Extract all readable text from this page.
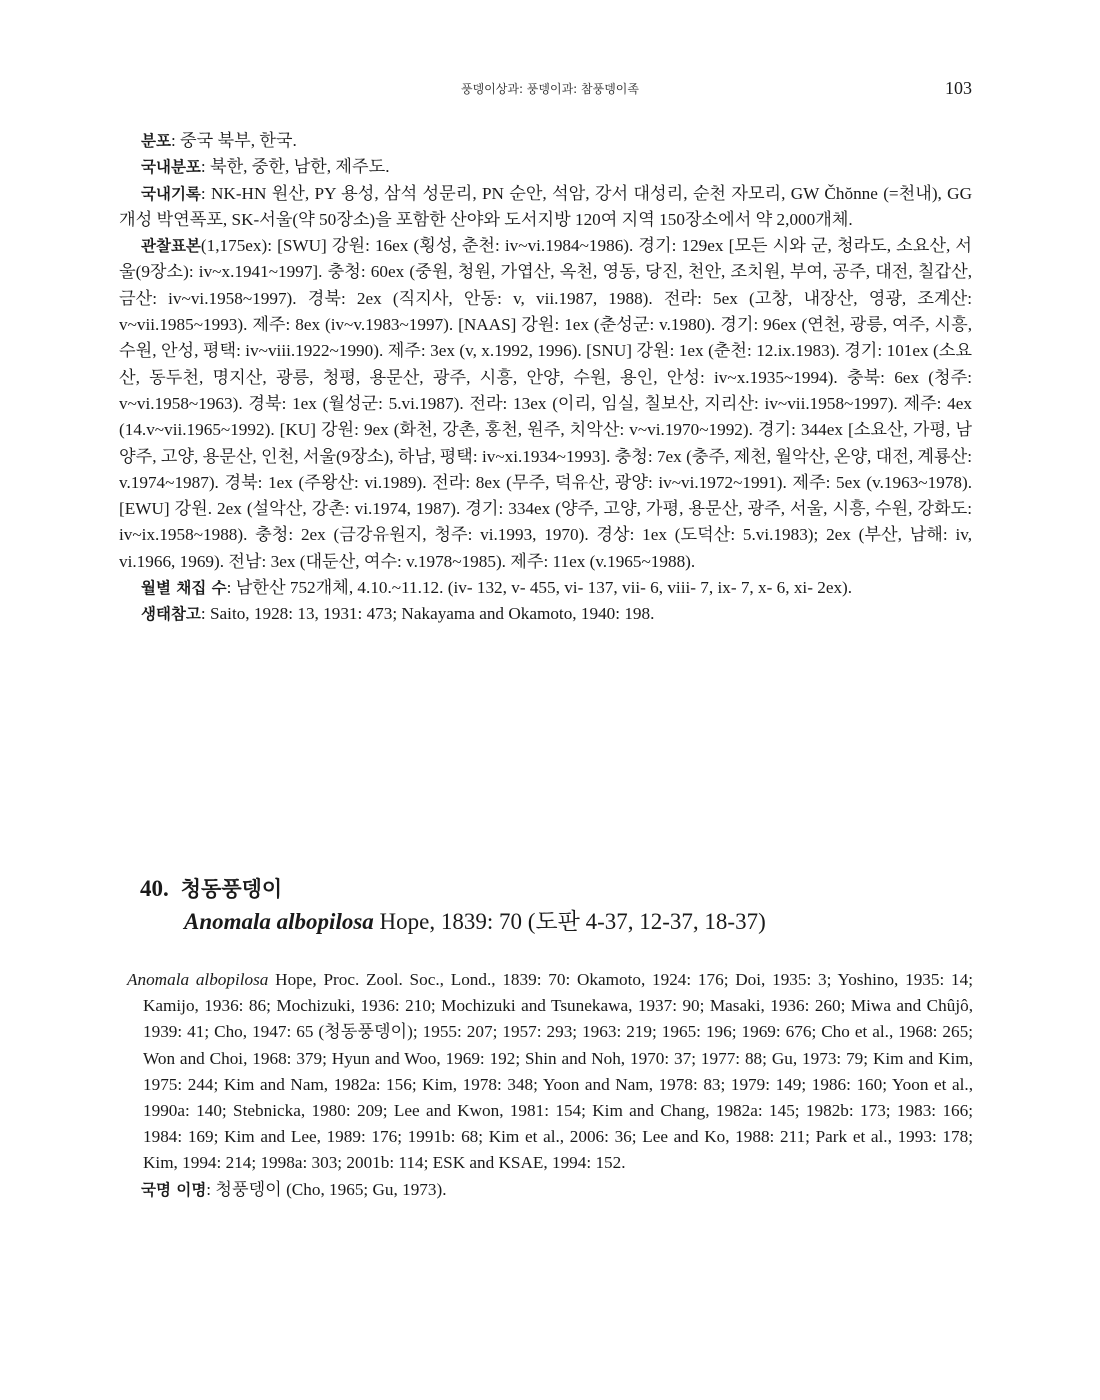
풍뎅이상과: 풍뎅이과: 참풍뎅이족	103

분포: 중국 북부, 한국.

국내분포: 북한, 중한, 남한, 제주도.

국내기록: NK-HN 원산, PY 용성, 삼석 성문리, PN 순안, 석암, 강서 대성리, 순천 자모리, GW Čhŏnne (=천내), GG 개성 박연폭포, SK-서울(약 50장소)을 포함한 산야와 도서지방 120여 지역 150장소에서 약 2,000개체.

관찰표본(1,175ex): [SWU] 강원: 16ex (횡성, 춘천: iv~vi.1984~1986). 경기: 129ex [모든 시와 군, 청라도, 소요산, 서울(9장소): iv~x.1941~1997]. 충청: 60ex (중원, 청원, 가엽산, 옥천, 영동, 당진, 천안, 조치원, 부여, 공주, 대전, 칠갑산, 금산: iv~vi.1958~1997). 경북: 2ex (직지사, 안동: v, vii.1987, 1988). 전라: 5ex (고창, 내장산, 영광, 조계산: v~vii.1985~1993). 제주: 8ex (iv~v.1983~1997). [NAAS] 강원: 1ex (춘성군: v.1980). 경기: 96ex (연천, 광릉, 여주, 시흥, 수원, 안성, 평택: iv~viii.1922~1990). 제주: 3ex (v, x.1992, 1996). [SNU] 강원: 1ex (춘천: 12.ix.1983). 경기: 101ex (소요산, 동두천, 명지산, 광릉, 청평, 용문산, 광주, 시흥, 안양, 수원, 용인, 안성: iv~x.1935~1994). 충북: 6ex (청주: v~vi.1958~1963). 경북: 1ex (월성군: 5.vi.1987). 전라: 13ex (이리, 임실, 칠보산, 지리산: iv~vii.1958~1997). 제주: 4ex (14.v~vii.1965~1992). [KU] 강원: 9ex (화천, 강촌, 홍천, 원주, 치악산: v~vi.1970~1992). 경기: 344ex [소요산, 가평, 남양주, 고양, 용문산, 인천, 서울(9장소), 하남, 평택: iv~xi.1934~1993]. 충청: 7ex (충주, 제천, 월악산, 온양, 대전, 계룡산: v.1974~1987). 경북: 1ex (주왕산: vi.1989). 전라: 8ex (무주, 덕유산, 광양: iv~vi.1972~1991). 제주: 5ex (v.1963~1978). [EWU] 강원. 2ex (설악산, 강촌: vi.1974, 1987). 경기: 334ex (양주, 고양, 가평, 용문산, 광주, 서울, 시흥, 수원, 강화도: iv~ix.1958~1988). 충청: 2ex (금강유원지, 청주: vi.1993, 1970). 경상: 1ex (도덕산: 5.vi.1983); 2ex (부산, 남해: iv, vi.1966, 1969). 전남: 3ex (대둔산, 여수: v.1978~1985). 제주: 11ex (v.1965~1988).

월별 채집 수: 남한산 752개체, 4.10.~11.12. (iv- 132, v- 455, vi- 137, vii- 6, viii- 7, ix- 7, x- 6, xi- 2ex).

생태참고: Saito, 1928: 13, 1931: 473; Nakayama and Okamoto, 1940: 198.

40. 청동풍뎅이
Anomala albopilosa Hope, 1839: 70 (도판 4-37, 12-37, 18-37)

Anomala albopilosa Hope, Proc. Zool. Soc., Lond., 1839: 70: Okamoto, 1924: 176; Doi, 1935: 3; Yoshino, 1935: 14; Kamijo, 1936: 86; Mochizuki, 1936: 210; Mochizuki and Tsunekawa, 1937: 90; Masaki, 1936: 260; Miwa and Chûjô, 1939: 41; Cho, 1947: 65 (청동풍뎅이); 1955: 207; 1957: 293; 1963: 219; 1965: 196; 1969: 676; Cho et al., 1968: 265; Won and Choi, 1968: 379; Hyun and Woo, 1969: 192; Shin and Noh, 1970: 37; 1977: 88; Gu, 1973: 79; Kim and Kim, 1975: 244; Kim and Nam, 1982a: 156; Kim, 1978: 348; Yoon and Nam, 1978: 83; 1979: 149; 1986: 160; Yoon et al., 1990a: 140; Stebnicka, 1980: 209; Lee and Kwon, 1981: 154; Kim and Chang, 1982a: 145; 1982b: 173; 1983: 166; 1984: 169; Kim and Lee, 1989: 176; 1991b: 68; Kim et al., 2006: 36; Lee and Ko, 1988: 211; Park et al., 1993: 178; Kim, 1994: 214; 1998a: 303; 2001b: 114; ESK and KSAE, 1994: 152.

국명 이명: 청풍뎅이 (Cho, 1965; Gu, 1973).
